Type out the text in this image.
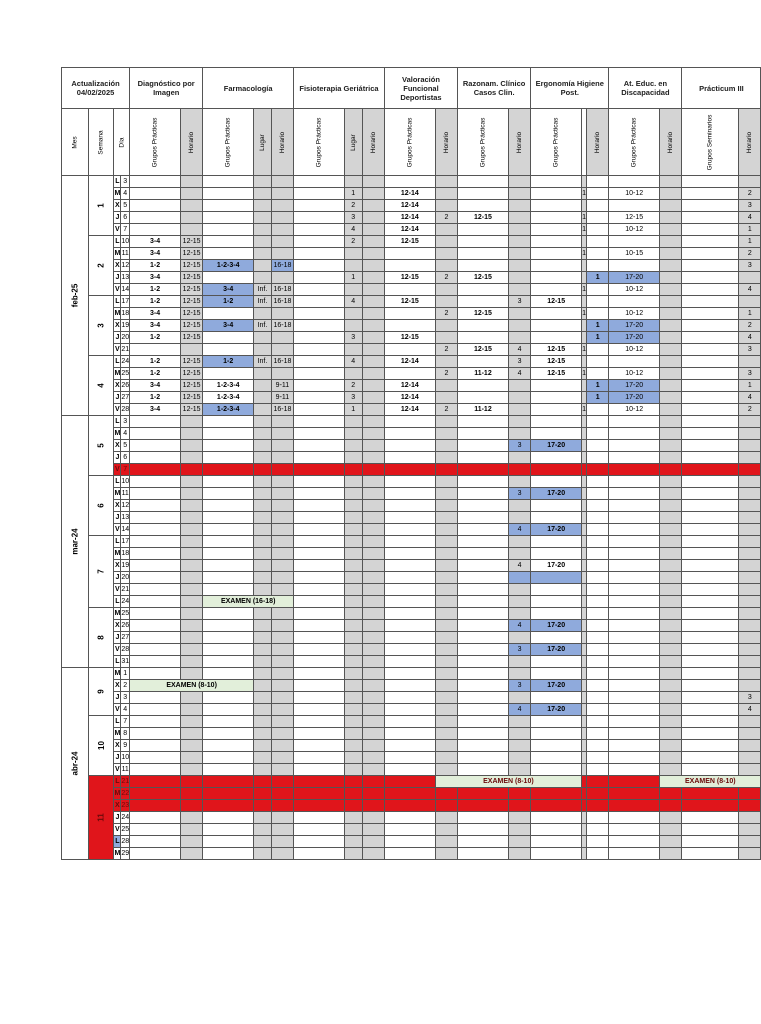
Actualización
04/02/2025				Diagnóstico por Imagen		Farmacología			Fisioterapia Geriátrica			Valoración Funcional Deportistas		Razonam. Clínico Casos Clin.		Ergonomía Higiene Post.			At. Educ. en Discapacidad		Prácticum III	
Mes	Semana	Día		Grupos Prácticas	Horario	Grupos Prácticas	Lugar	Horario	Grupos Prácticas	Lugar	Horario	Grupos Prácticas	Horario	Grupos Prácticas	Horario	Grupos Prácticas		Horario	Grupos Prácticas	Horario	Grupos Seminarios	Horario
feb-25	1	L	3																			
		M	4							1		12-14					1		10-12			2
		X	5							2		12-14										3
		J	6							3		12-14	2	12-15			1		12-15			4
		V	7							4		12-14					1		10-12			1
	2	L	10	3-4	12-15					2		12-15										1
		M	11	3-4	12-15												1		10-15			2
		X	12	1-2	12-15	1-2-3-4		16-18														3
		J	13	3-4	12-15					1		12-15	2	12-15				1	17-20			
		V	14	1-2	12-15	3-4	Inf.	16-18									1		10-12			4
	3	L	17	1-2	12-15	1-2	Inf.	16-18		4		12-15			3	12-15						
		M	18	3-4	12-15								2	12-15			1		10-12			1
		X	19	3-4	12-15	3-4	Inf.	16-18										1	17-20			2
		J	20	1-2	12-15					3		12-15						1	17-20			4
		V	21										2	12-15	4	12-15	1		10-12			3
	4	L	24	1-2	12-15	1-2	Inf.	16-18		4		12-14			3	12-15						
		M	25	1-2	12-15								2	11-12	4	12-15	1		10-12			3
		X	26	3-4	12-15	1-2-3-4		9-11		2		12-14						1	17-20			1
		J	27	1-2	12-15	1-2-3-4		9-11		3		12-14						1	17-20			4
		V	28	3-4	12-15	1-2-3-4		16-18		1		12-14	2	11-12			1		10-12			2
mar-24	5	L	3																			
		M	4																			
		X	5												3	17-20						
		J	6																			
		V	7																			
	6	L	10																			
		M	11												3	17-20						
		X	12																			
		J	13																			
		V	14												4	17-20						
	7	L	17																			
		M	18																			
		X	19												4	17-20						
		J	20																			
		V	21																			
		L	24			EXAMEN (16-18)																
	8	M	25																			
		X	26												4	17-20						
		J	27																			
		V	28												3	17-20						
		L	31																			
abr-24	9	M	1																			
		X	2	EXAMEN (8-10)											3	17-20						
		J	3																			3
		V	4												4	17-20						4
	10	L	7																			
		M	8																			
		X	9																			
		J	10																			
		V	11																			
	11	L	21										EXAMEN (8-10)							EXAMEN (8-10)		
		M	22																			
		X	23																			
		J	24																			
		V	25																			
		L	28																			
		M	29																			
